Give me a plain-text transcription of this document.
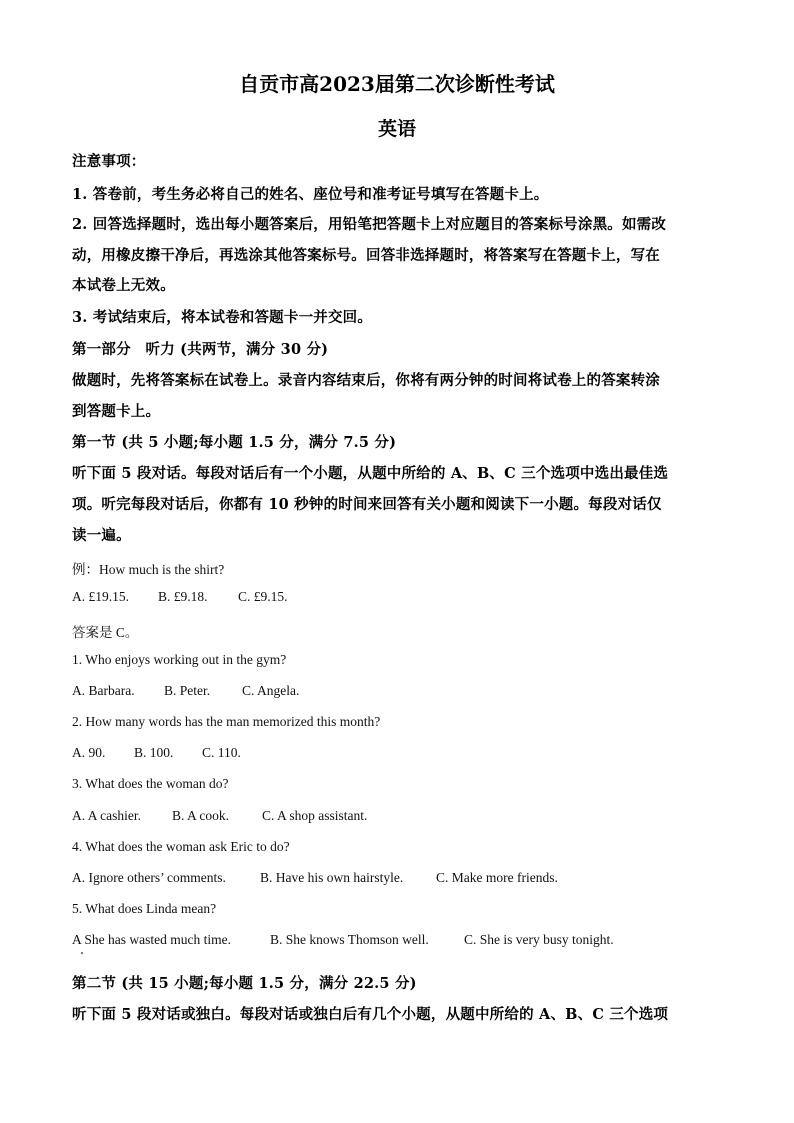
自贡市高2023届第二次诊断性考试
英语
注意事项：
1. 答卷前，考生务必将自己的姓名、座位号和准考证号填写在答题卡上。
2. 回答选择题时，选出每小题答案后，用铅笔把答题卡上对应题目的答案标号涂黑。如需改
动，用橡皮擦干净后，再选涂其他答案标号。回答非选择题时，将答案写在答题卡上，写在
本试卷上无效。
3. 考试结束后，将本试卷和答题卡一并交回。
第一部分　听力 (共两节，满分 30 分)
做题时，先将答案标在试卷上。录音内容结束后，你将有两分钟的时间将试卷上的答案转涂
到答题卡上。
第一节 (共 5 小题;每小题 1.5 分，满分 7.5 分)
听下面 5 段对话。每段对话后有一个小题，从题中所给的 A、B、C 三个选项中选出最佳选
项。听完每段对话后，你都有 10 秒钟的时间来回答有关小题和阅读下一小题。每段对话仅
读一遍。
例：How much is the shirt?
A. £19.15. B. £9.18. C. £9.15.
答案是 C。
1. Who enjoys working out in the gym?
A. Barbara. B. Peter. C. Angela.
2. How many words has the man memorized this month?
A. 90. B. 100. C. 110.
3. What does the woman do?
A. A cashier. B. A cook. C. A shop assistant.
4. What does the woman ask Eric to do?
A. Ignore others’ comments.	B. Have his own hairstyle. C. Make more friends.
5. What does Linda mean?
A She has wasted much time.	B. She knows Thomson well.	C. She is very busy tonight.
第二节 (共 15 小题;每小题 1.5 分，满分 22.5 分)
听下面 5 段对话或独白。每段对话或独白后有几个小题，从题中所给的 A、B、C 三个选项
